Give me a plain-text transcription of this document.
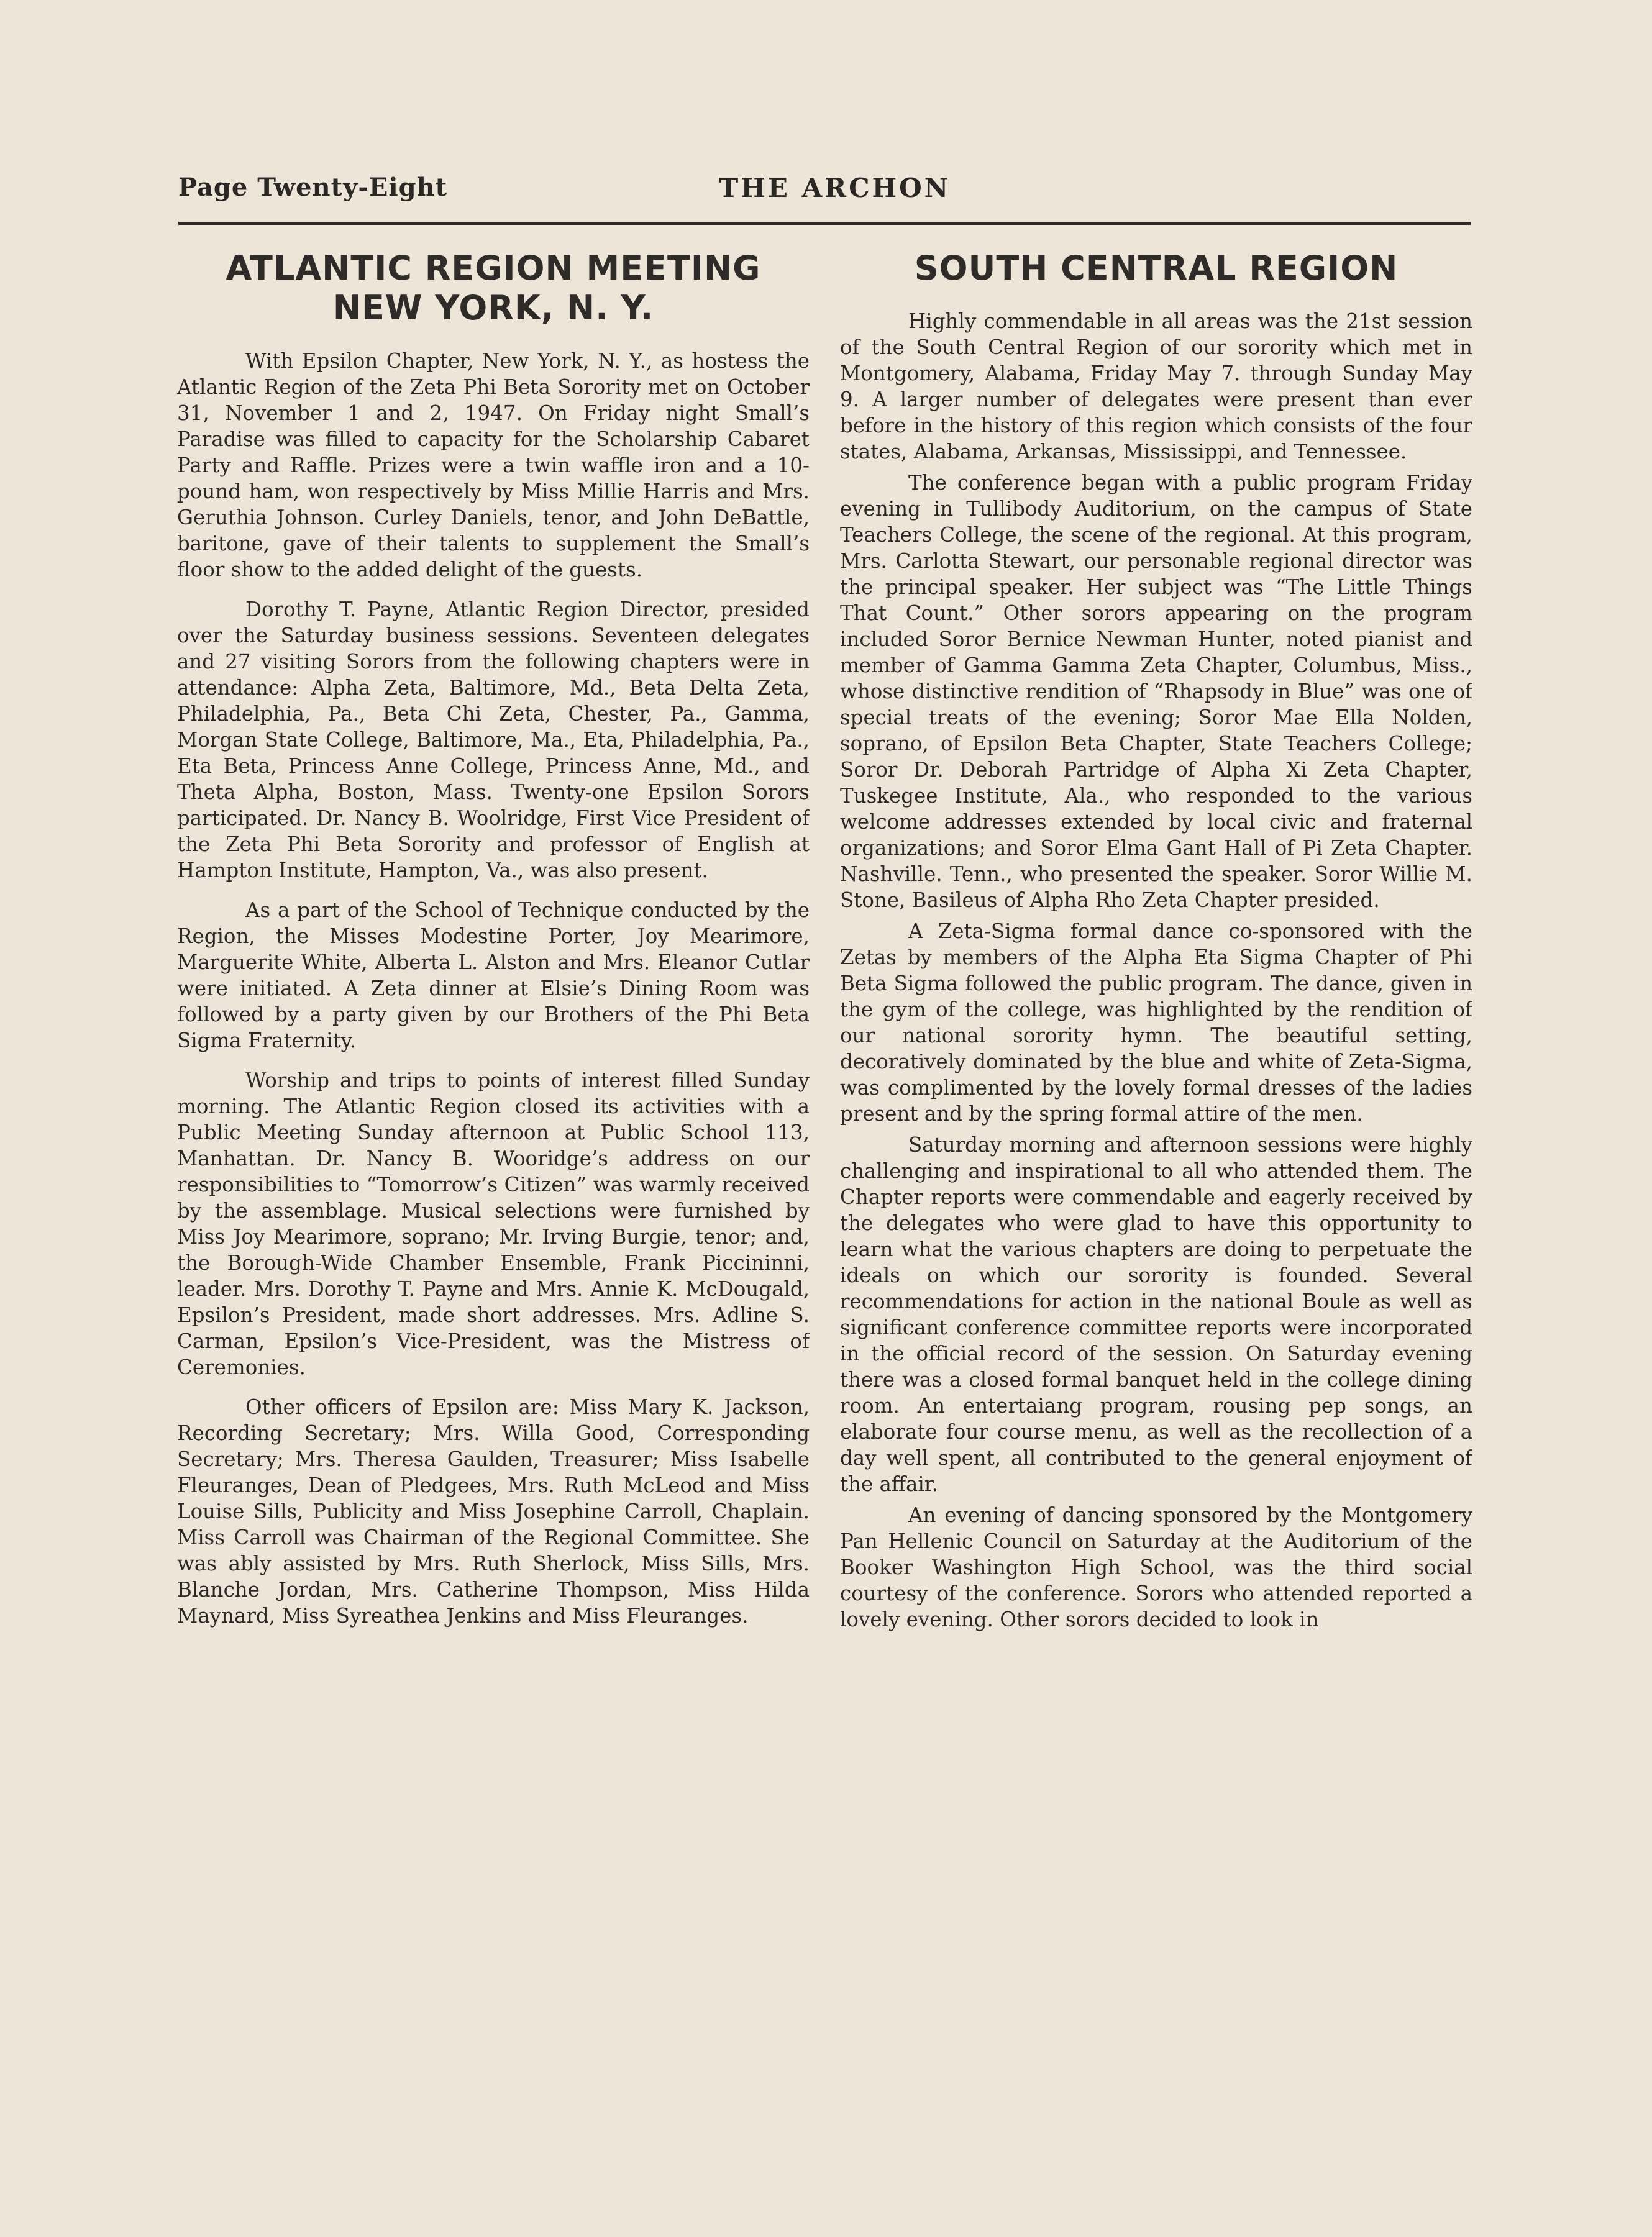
Page Twenty-Eight	THE ARCHON
ATLANTIC REGION MEETING
NEW YORK, N. Y.

With Epsilon Chapter, New York, N. Y., as hostess the Atlantic Region of the Zeta Phi Beta Sorority met on October 31, November 1 and 2, 1947. On Friday night Small’s Paradise was filled to capacity for the Scholarship Cabaret Party and Raffle. Prizes were a twin waffle iron and a 10-pound ham, won respectively by Miss Millie Harris and Mrs. Geruthia Johnson. Curley Daniels, tenor, and John DeBattle, baritone, gave of their talents to supplement the Small’s floor show to the added delight of the guests.

Dorothy T. Payne, Atlantic Region Director, presided over the Saturday business sessions. Seventeen delegates and 27 visiting Sorors from the following chapters were in attendance: Alpha Zeta, Baltimore, Md., Beta Delta Zeta, Philadelphia, Pa., Beta Chi Zeta, Chester, Pa., Gamma, Morgan State College, Baltimore, Ma., Eta, Philadelphia, Pa., Eta Beta, Princess Anne College, Princess Anne, Md., and Theta Alpha, Boston, Mass. Twenty-one Epsilon Sorors participated. Dr. Nancy B. Woolridge, First Vice President of the Zeta Phi Beta Sorority and professor of English at Hampton Institute, Hampton, Va., was also present.

As a part of the School of Technique conducted by the Region, the Misses Modestine Porter, Joy Mearimore, Marguerite White, Alberta L. Alston and Mrs. Eleanor Cutlar were initiated. A Zeta dinner at Elsie’s Dining Room was followed by a party given by our Brothers of the Phi Beta Sigma Fraternity.

Worship and trips to points of interest filled Sunday morning. The Atlantic Region closed its activities with a Public Meeting Sunday afternoon at Public School 113, Manhattan. Dr. Nancy B. Wooridge’s address on our responsibilities to “Tomorrow’s Citizen” was warmly received by the assemblage. Musical selections were furnished by Miss Joy Mearimore, soprano; Mr. Irving Burgie, tenor; and, the Borough-Wide Chamber Ensemble, Frank Piccininni, leader. Mrs. Dorothy T. Payne and Mrs. Annie K. McDougald, Epsilon’s President, made short addresses. Mrs. Adline S. Carman, Epsilon’s Vice-President, was the Mistress of Ceremonies.

Other officers of Epsilon are: Miss Mary K. Jackson, Recording Secretary; Mrs. Willa Good, Corresponding Secretary; Mrs. Theresa Gaulden, Treasurer; Miss Isabelle Fleuranges, Dean of Pledgees, Mrs. Ruth McLeod and Miss Louise Sills, Publicity and Miss Josephine Carroll, Chaplain. Miss Carroll was Chairman of the Regional Committee. She was ably assisted by Mrs. Ruth Sherlock, Miss Sills, Mrs. Blanche Jordan, Mrs. Catherine Thompson, Miss Hilda Maynard, Miss Syreathea Jenkins and Miss Fleuranges.

SOUTH CENTRAL REGION

Highly commendable in all areas was the 21st session of the South Central Region of our sorority which met in Montgomery, Alabama, Friday May 7. through Sunday May 9. A larger number of delegates were present than ever before in the history of this region which consists of the four states, Alabama, Arkansas, Mississippi, and Tennessee.

The conference began with a public program Friday evening in Tullibody Auditorium, on the campus of State Teachers College, the scene of the regional. At this program, Mrs. Carlotta Stewart, our personable regional director was the principal speaker. Her subject was “The Little Things That Count.” Other sorors appearing on the program included Soror Bernice Newman Hunter, noted pianist and member of Gamma Gamma Zeta Chapter, Columbus, Miss., whose distinctive rendition of “Rhapsody in Blue” was one of special treats of the evening; Soror Mae Ella Nolden, soprano, of Epsilon Beta Chapter, State Teachers College; Soror Dr. Deborah Partridge of Alpha Xi Zeta Chapter, Tuskegee Institute, Ala., who responded to the various welcome addresses extended by local civic and fraternal organizations; and Soror Elma Gant Hall of Pi Zeta Chapter. Nashville. Tenn., who presented the speaker. Soror Willie M. Stone, Basileus of Alpha Rho Zeta Chapter presided.

A Zeta-Sigma formal dance co-sponsored with the Zetas by members of the Alpha Eta Sigma Chapter of Phi Beta Sigma followed the public program. The dance, given in the gym of the college, was highlighted by the rendition of our national sorority hymn. The beautiful setting, decoratively dominated by the blue and white of Zeta-Sigma, was complimented by the lovely formal dresses of the ladies present and by the spring formal attire of the men.

Saturday morning and afternoon sessions were highly challenging and inspirational to all who attended them. The Chapter reports were commendable and eagerly received by the delegates who were glad to have this opportunity to learn what the various chapters are doing to perpetuate the ideals on which our sorority is founded. Several recommendations for action in the national Boule as well as significant conference committee reports were incorporated in the official record of the session. On Saturday evening there was a closed formal banquet held in the college dining room. An entertaiang program, rousing pep songs, an elaborate four course menu, as well as the recollection of a day well spent, all contributed to the general enjoyment of the affair.

An evening of dancing sponsored by the Montgomery Pan Hellenic Council on Saturday at the Auditorium of the Booker Washington High School, was the third social courtesy of the conference. Sorors who attended reported a lovely evening. Other sorors decided to look in
